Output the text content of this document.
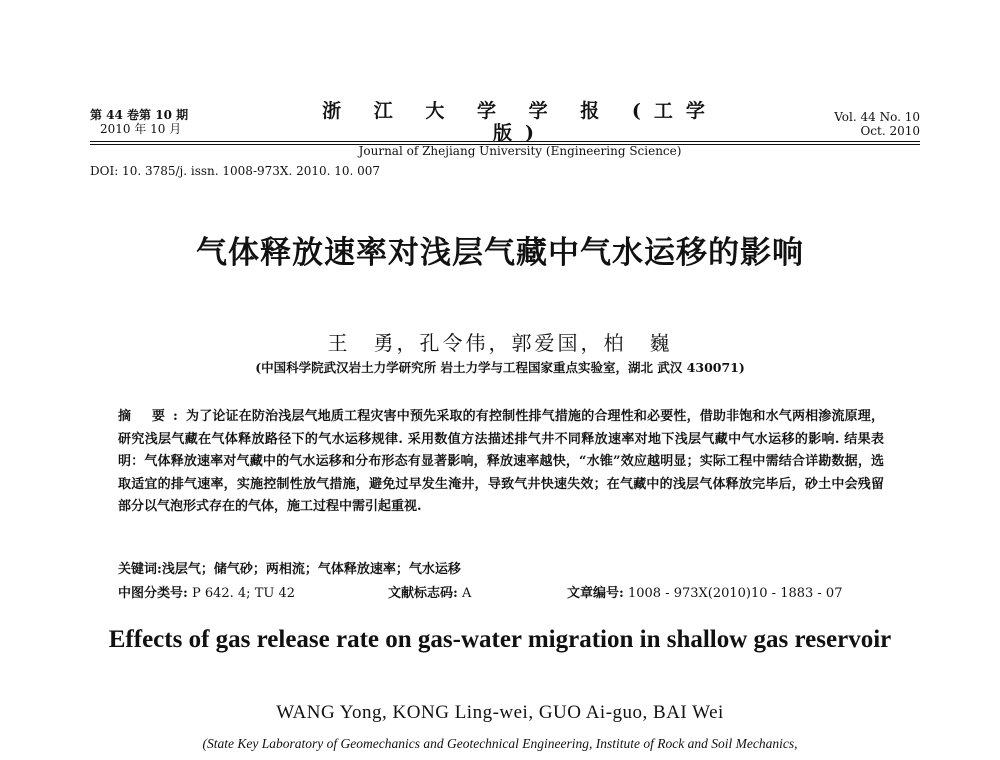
第 44 卷第 10 期
2010 年 10 月
浙 江 大 学 学 报 (工学版)
Journal of Zhejiang University (Engineering Science)
Vol. 44 No. 10
Oct. 2010
DOI: 10. 3785/j. issn. 1008-973X. 2010. 10. 007
气体释放速率对浅层气藏中气水运移的影响
王　勇，孔令伟，郭爱国，柏　巍
(中国科学院武汉岩土力学研究所 岩土力学与工程国家重点实验室，湖北 武汉 430071)
摘 要:为了论证在防治浅层气地质工程灾害中预先采取的有控制性排气措施的合理性和必要性，借助非饱和水气两相渗流原理，研究浅层气藏在气体释放路径下的气水运移规律. 采用数值方法描述排气井不同释放速率对地下浅层气藏中气水运移的影响. 结果表明：气体释放速率对气藏中的气水运移和分布形态有显著影响，释放速率越快，“水锥”效应越明显；实际工程中需结合详勘数据，选取适宜的排气速率，实施控制性放气措施，避免过早发生淹井，导致气井快速失效；在气藏中的浅层气体释放完毕后，砂土中会残留部分以气泡形式存在的气体，施工过程中需引起重视.
关键词:浅层气；储气砂；两相流；气体释放速率；气水运移
中图分类号: P 642. 4; TU 42	文献标志码: A	文章编号: 1008 - 973X(2010)10 - 1883 - 07
Effects of gas release rate on gas-water migration in shallow gas reservoir
WANG Yong, KONG Ling-wei, GUO Ai-guo, BAI Wei
(State Key Laboratory of Geomechanics and Geotechnical Engineering, Institute of Rock and Soil Mechanics,
